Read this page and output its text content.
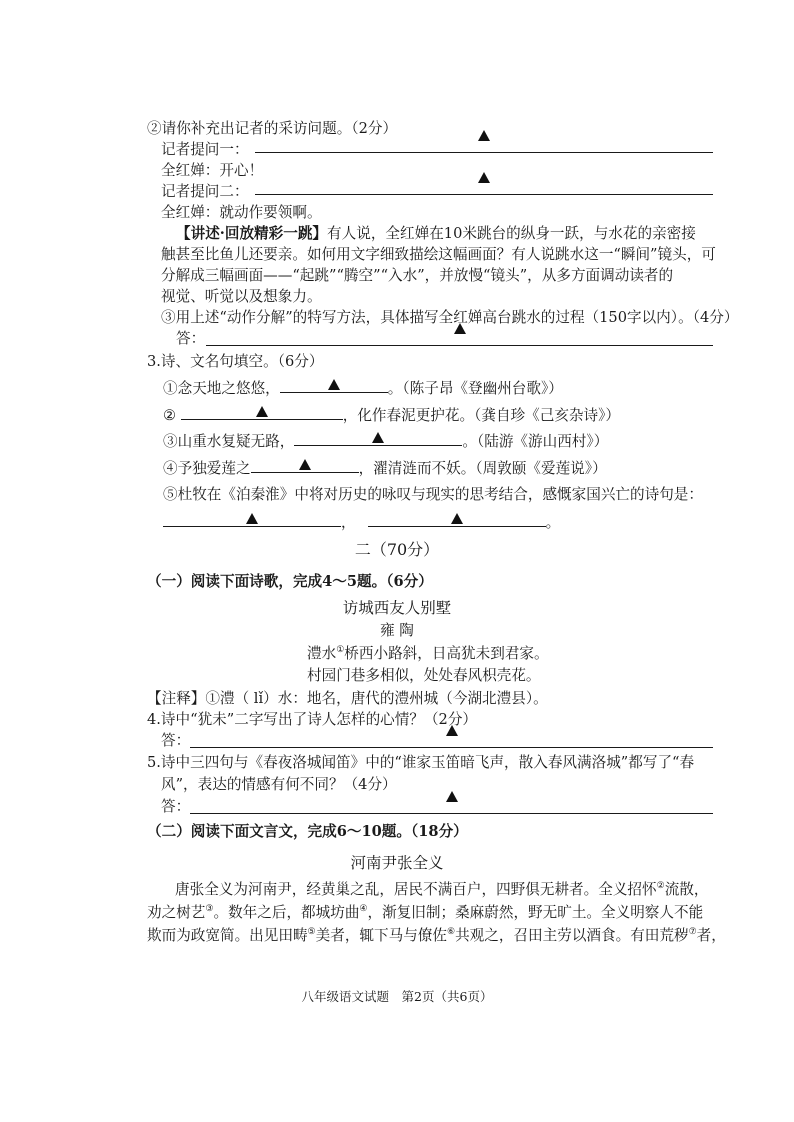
②请你补充出记者的采访问题。（2分）
记者提问一：
全红婵：开心！
记者提问二：
全红婵：就动作要领啊。
【讲述·回放精彩一跳】有人说，全红婵在10米跳台的纵身一跃，与水花的亲密接
触甚至比鱼儿还要亲。如何用文字细致描绘这幅画面？有人说跳水这一“瞬间”镜头，可
分解成三幅画面——“起跳”“腾空”“入水”，并放慢“镜头”，从多方面调动读者的
视觉、听觉以及想象力。
③用上述“动作分解”的特写方法，具体描写全红婵高台跳水的过程（150字以内）。（4分）
答：
3.诗、文名句填空。（6分）
①念天地之悠悠，	。（陈子昂《登幽州台歌》）
②	，化作春泥更护花。（龚自珍《己亥杂诗》）
③山重水复疑无路，	。（陆游《游山西村》）
④予独爱莲之	，濯清涟而不妖。（周敦颐《爱莲说》）
⑤杜牧在《泊秦淮》中将对历史的咏叹与现实的思考结合，感慨家国兴亡的诗句是：
，	。
二（70分）
（一）阅读下面诗歌，完成4～5题。（6分）
访城西友人别墅
雍 陶
澧水①桥西小路斜，日高犹未到君家。
村园门巷多相似，处处春风枳壳花。
【注释】①澧（ lǐ）水：地名，唐代的澧州城（今湖北澧县）。
4.诗中“犹未”二字写出了诗人怎样的心情？（2分）
答：
5.诗中三四句与《春夜洛城闻笛》中的“谁家玉笛暗飞声，散入春风满洛城”都写了“春
风”，表达的情感有何不同？（4分）
答：
（二）阅读下面文言文，完成6～10题。（18分）
河南尹张全义
唐张全义为河南尹，经黄巢之乱，居民不满百户，四野俱无耕者。全义招怀②流散，
劝之树艺③。数年之后，都城坊曲④，渐复旧制；桑麻蔚然，野无旷土。全义明察人不能
欺而为政宽简。出见田畴⑤美者，辄下马与僚佐⑥共观之，召田主劳以酒食。有田荒秽⑦者，
八年级语文试题　第2页（共6页）
